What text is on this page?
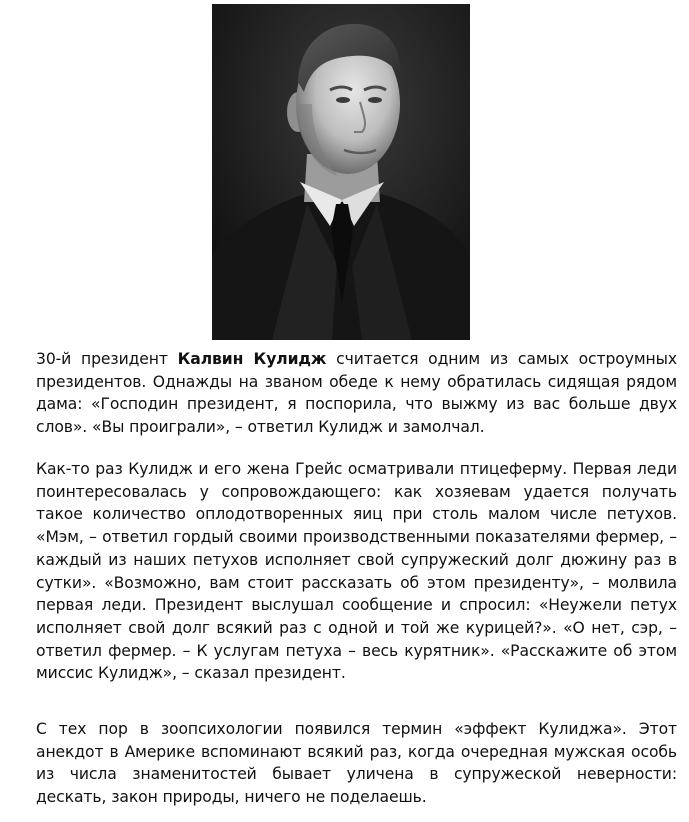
30-й президент Калвин Кулидж считается одним из самых остроумных президентов. Однажды на званом обеде к нему обратилась сидящая рядом дама: «Господин президент, я поспорила, что выжму из вас больше двух слов». «Вы проиграли», – ответил Кулидж и замолчал.

Как-то раз Кулидж и его жена Грейс осматривали птицеферму. Первая леди поинтересовалась у сопровождающего: как хозяевам удается получать такое количество оплодотворенных яиц при столь малом числе петухов. «Мэм, – ответил гордый своими производственными показателями фермер, – каждый из наших петухов исполняет свой супружеский долг дюжину раз в сутки». «Возможно, вам стоит рассказать об этом президенту», – молвила первая леди. Президент выслушал сообщение и спросил: «Неужели петух исполняет свой долг всякий раз с одной и той же курицей?». «О нет, сэр, – ответил фермер. – К услугам петуха – весь курятник». «Расскажите об этом миссис Кулидж», – сказал президент.

С тех пор в зоопсихологии появился термин «эффект Кулиджа». Этот анекдот в Америке вспоминают всякий раз, когда очередная мужская особь из числа знаменитостей бывает уличена в супружеской неверности: дескать, закон природы, ничего не поделаешь.
